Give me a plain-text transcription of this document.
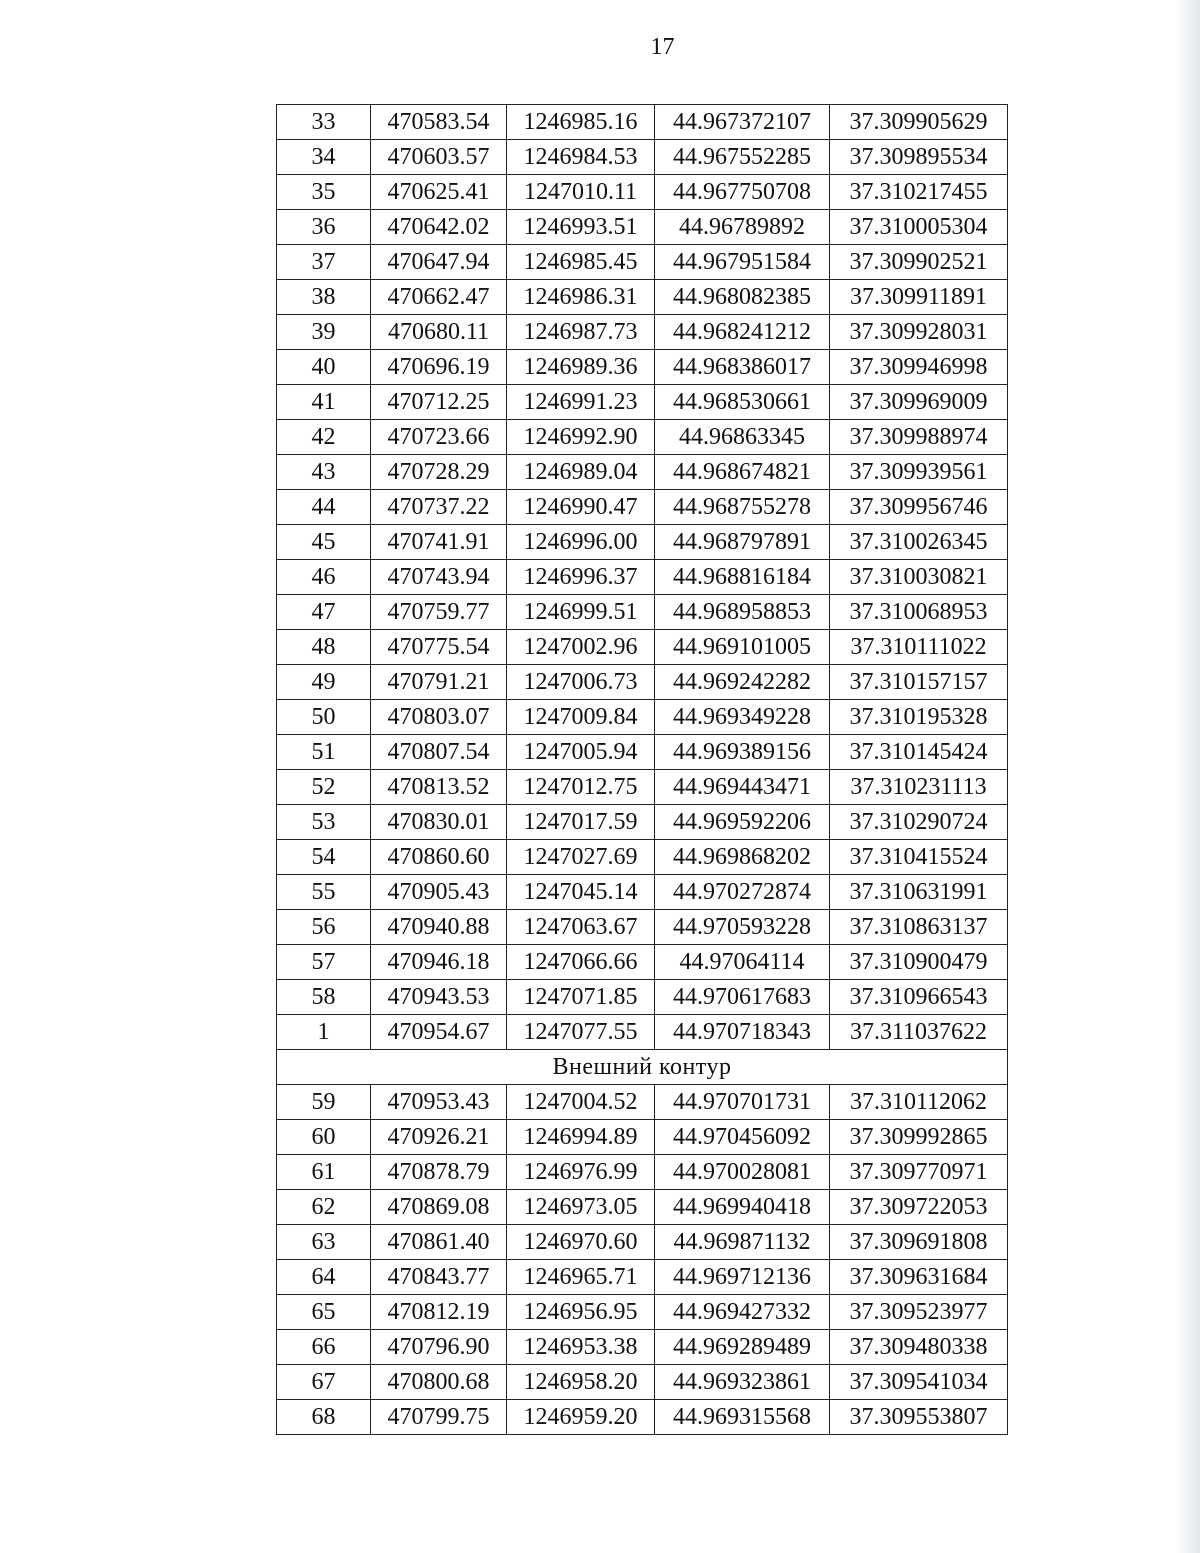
17
33	470583.54	1246985.16	44.967372107	37.309905629
34	470603.57	1246984.53	44.967552285	37.309895534
35	470625.41	1247010.11	44.967750708	37.310217455
36	470642.02	1246993.51	44.96789892	37.310005304
37	470647.94	1246985.45	44.967951584	37.309902521
38	470662.47	1246986.31	44.968082385	37.309911891
39	470680.11	1246987.73	44.968241212	37.309928031
40	470696.19	1246989.36	44.968386017	37.309946998
41	470712.25	1246991.23	44.968530661	37.309969009
42	470723.66	1246992.90	44.96863345	37.309988974
43	470728.29	1246989.04	44.968674821	37.309939561
44	470737.22	1246990.47	44.968755278	37.309956746
45	470741.91	1246996.00	44.968797891	37.310026345
46	470743.94	1246996.37	44.968816184	37.310030821
47	470759.77	1246999.51	44.968958853	37.310068953
48	470775.54	1247002.96	44.969101005	37.310111022
49	470791.21	1247006.73	44.969242282	37.310157157
50	470803.07	1247009.84	44.969349228	37.310195328
51	470807.54	1247005.94	44.969389156	37.310145424
52	470813.52	1247012.75	44.969443471	37.310231113
53	470830.01	1247017.59	44.969592206	37.310290724
54	470860.60	1247027.69	44.969868202	37.310415524
55	470905.43	1247045.14	44.970272874	37.310631991
56	470940.88	1247063.67	44.970593228	37.310863137
57	470946.18	1247066.66	44.97064114	37.310900479
58	470943.53	1247071.85	44.970617683	37.310966543
1	470954.67	1247077.55	44.970718343	37.311037622
Внешний контур				
59	470953.43	1247004.52	44.970701731	37.310112062
60	470926.21	1246994.89	44.970456092	37.309992865
61	470878.79	1246976.99	44.970028081	37.309770971
62	470869.08	1246973.05	44.969940418	37.309722053
63	470861.40	1246970.60	44.969871132	37.309691808
64	470843.77	1246965.71	44.969712136	37.309631684
65	470812.19	1246956.95	44.969427332	37.309523977
66	470796.90	1246953.38	44.969289489	37.309480338
67	470800.68	1246958.20	44.969323861	37.309541034
68	470799.75	1246959.20	44.969315568	37.309553807
